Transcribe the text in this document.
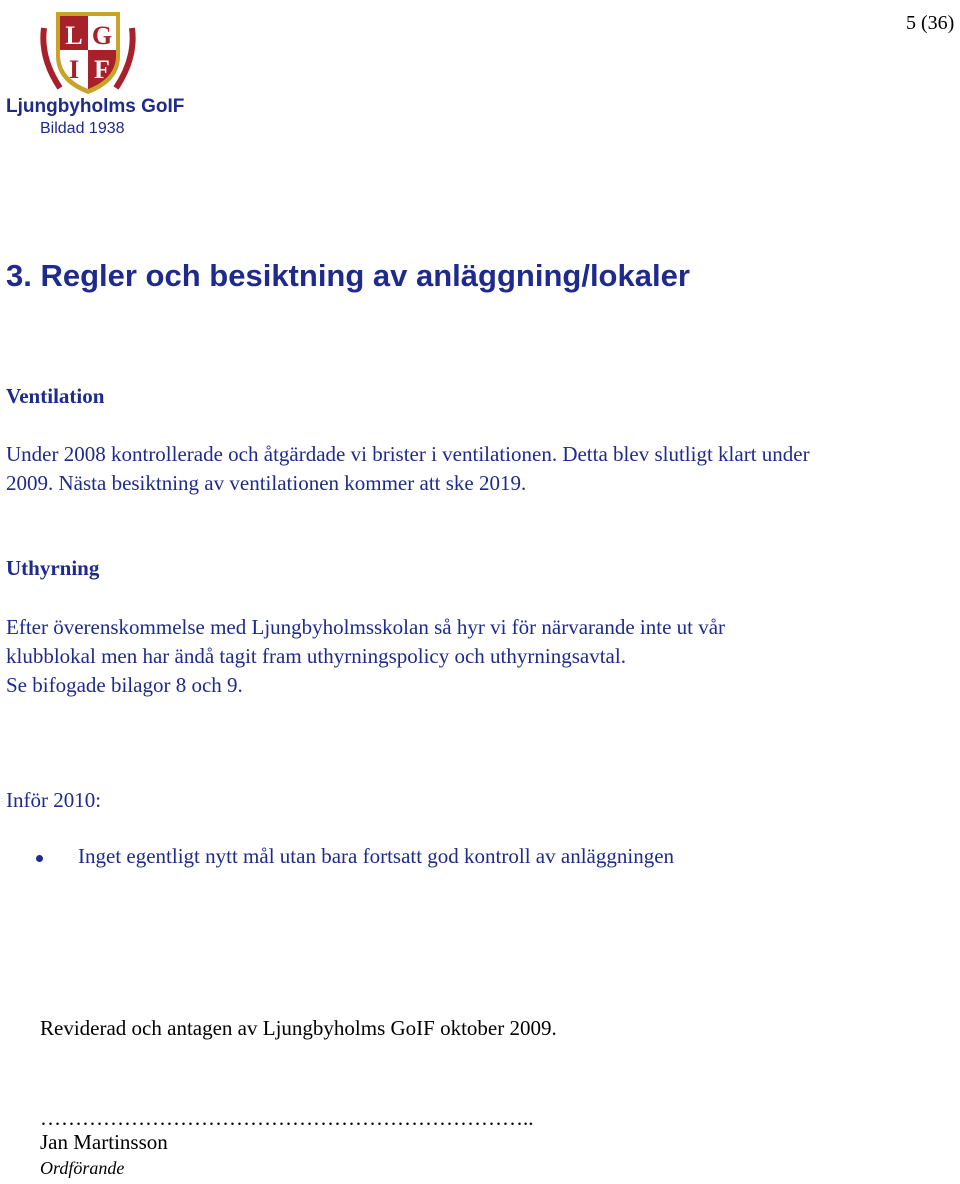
L G
I F
Ljungbyholms GoIF
Bildad 1938
5 (36)
3. Regler och besiktning av anläggning/lokaler
Ventilation
Under 2008 kontrollerade och åtgärdade vi brister i ventilationen. Detta blev slutligt klart under
2009. Nästa besiktning av ventilationen kommer att ske 2019.
Uthyrning
Efter överenskommelse med Ljungbyholmsskolan så hyr vi för närvarande inte ut vår
klubblokal men har ändå tagit fram uthyrningspolicy och uthyrningsavtal.
Se bifogade bilagor 8 och 9.
Inför 2010:
Inget egentligt nytt mål utan bara fortsatt god kontroll av anläggningen
Reviderad och antagen av Ljungbyholms GoIF oktober 2009.
……………………………………………………………..
Jan Martinsson
Ordförande
